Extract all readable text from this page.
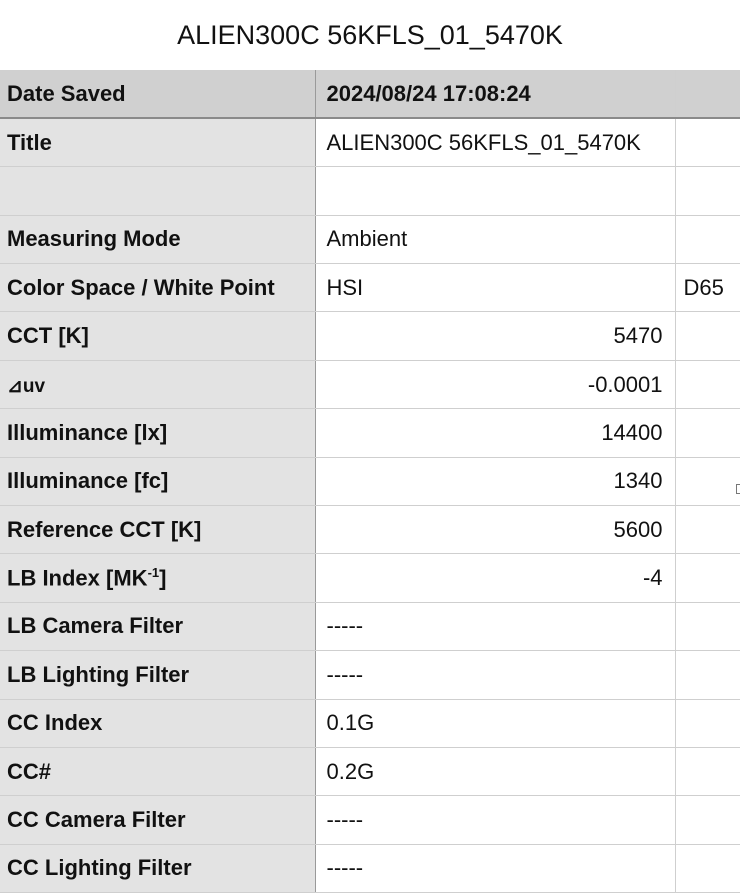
ALIEN300C 56KFLS_01_5470K
Date Saved	2024/08/24 17:08:24	
Title	ALIEN300C 56KFLS_01_5470K	

Measuring Mode	Ambient	
Color Space / White Point	HSI	D65
CCT [K]	5470	
⊿uv	-0.0001	
Illuminance [lx]	14400	
Illuminance [fc]	1340	
Reference CCT [K]	5600	
LB Index $[MK^{-1}]$	-4	
LB Camera Filter	-----	
LB Lighting Filter	-----	
CC Index	0.1G	
CC#	0.2G	
CC Camera Filter	-----	
CC Lighting Filter	-----	
